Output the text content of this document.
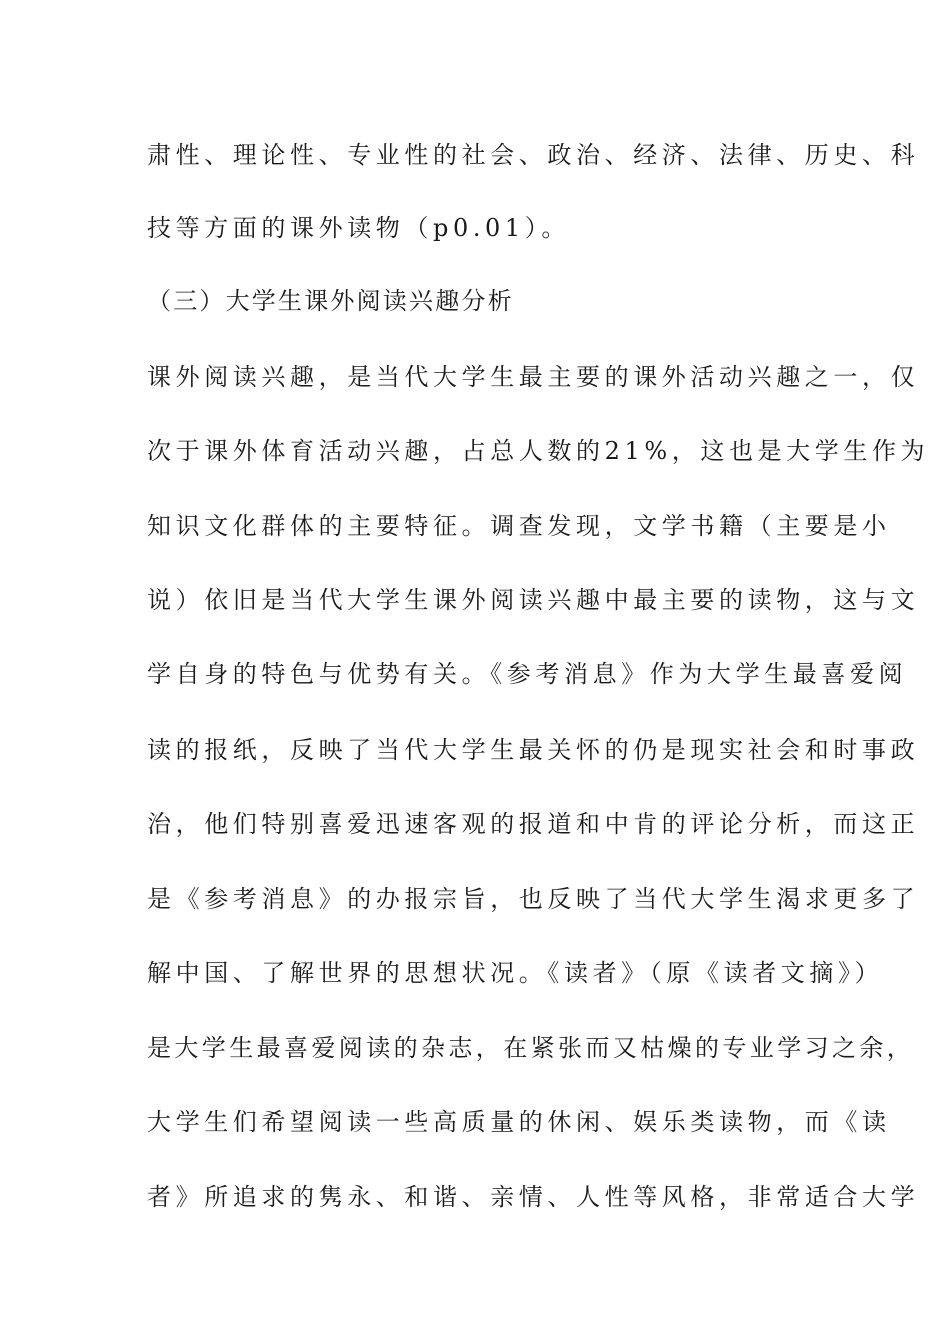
肃性、理论性、专业性的社会、政治、经济、法律、历史、科
技等方面的课外读物（p0.01）。
（三）大学生课外阅读兴趣分析
课外阅读兴趣，是当代大学生最主要的课外活动兴趣之一，仅
次于课外体育活动兴趣，占总人数的21%，这也是大学生作为
知识文化群体的主要特征。调查发现，文学书籍（主要是小
说）依旧是当代大学生课外阅读兴趣中最主要的读物，这与文
学自身的特色与优势有关。《参考消息》作为大学生最喜爱阅
读的报纸，反映了当代大学生最关怀的仍是现实社会和时事政
治，他们特别喜爱迅速客观的报道和中肯的评论分析，而这正
是《参考消息》的办报宗旨，也反映了当代大学生渴求更多了
解中国、了解世界的思想状况。《读者》（原《读者文摘》）
是大学生最喜爱阅读的杂志，在紧张而又枯燥的专业学习之余，
大学生们希望阅读一些高质量的休闲、娱乐类读物，而《读
者》所追求的隽永、和谐、亲情、人性等风格，非常适合大学
